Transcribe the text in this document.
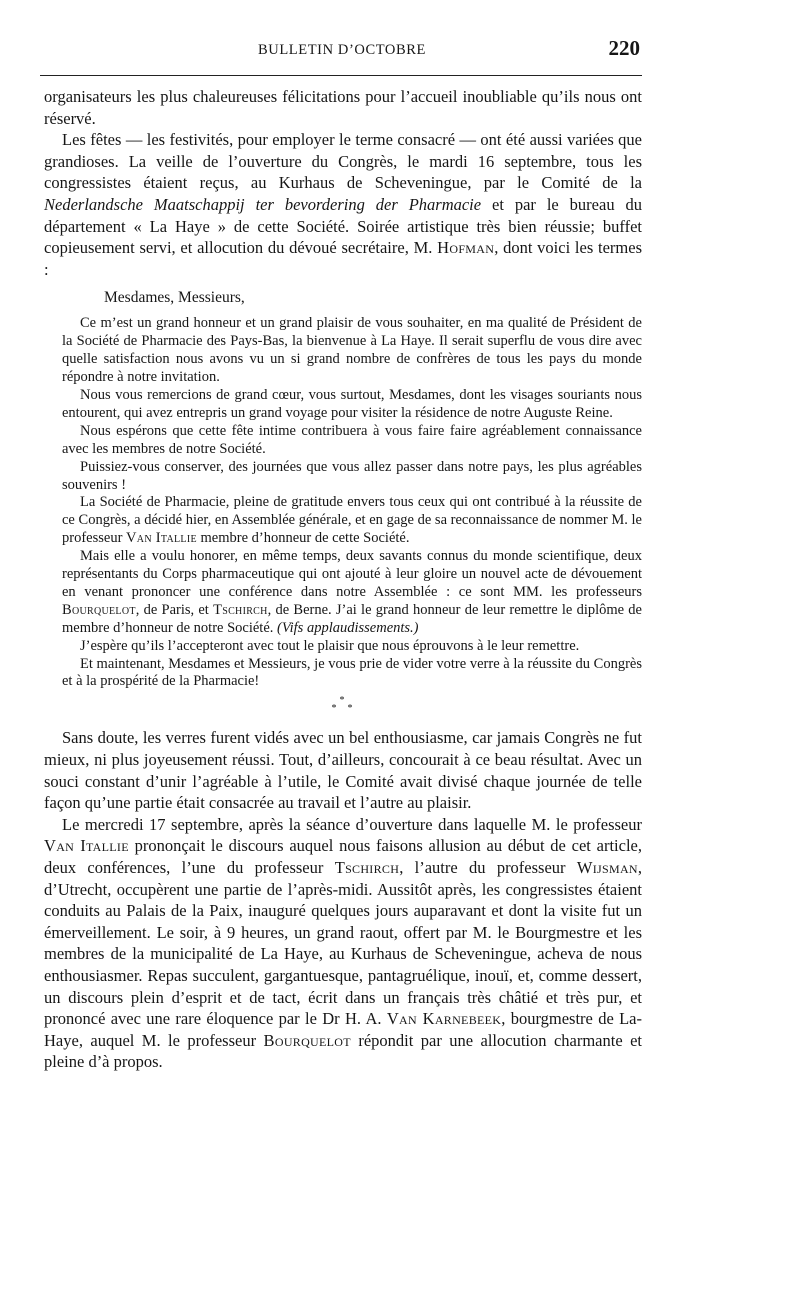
BULLETIN D’OCTOBRE	220

organisateurs les plus chaleureuses félicitations pour l’accueil inoubliable qu’ils nous ont réservé.

Les fêtes — les festivités, pour employer le terme consacré — ont été aussi variées que grandioses. La veille de l’ouverture du Congrès, le mardi 16 septembre, tous les congressistes étaient reçus, au Kurhaus de Scheveningue, par le Comité de la Nederlandsche Maatschappij ter bevordering der Pharmacie et par le bureau du département « La Haye » de cette Société. Soirée artistique très bien réussie; buffet copieusement servi, et allocution du dévoué secrétaire, M. Hofman, dont voici les termes :

Mesdames, Messieurs,

Ce m’est un grand honneur et un grand plaisir de vous souhaiter, en ma qualité de Président de la Société de Pharmacie des Pays-Bas, la bienvenue à La Haye. Il serait superflu de vous dire avec quelle satisfaction nous avons vu un si grand nombre de confrères de tous les pays du monde répondre à notre invitation.

Nous vous remercions de grand cœur, vous surtout, Mesdames, dont les visages souriants nous entourent, qui avez entrepris un grand voyage pour visiter la résidence de notre Auguste Reine.

Nous espérons que cette fête intime contribuera à vous faire faire agréablement connaissance avec les membres de notre Société.

Puissiez-vous conserver, des journées que vous allez passer dans notre pays, les plus agréables souvenirs !

La Société de Pharmacie, pleine de gratitude envers tous ceux qui ont contribué à la réussite de ce Congrès, a décidé hier, en Assemblée générale, et en gage de sa reconnaissance de nommer M. le professeur Van Itallie membre d’honneur de cette Société.

Mais elle a voulu honorer, en même temps, deux savants connus du monde scientifique, deux représentants du Corps pharmaceutique qui ont ajouté à leur gloire un nouvel acte de dévouement en venant prononcer une conférence dans notre Assemblée : ce sont MM. les professeurs Bourquelot, de Paris, et Tschirch, de Berne. J’ai le grand honneur de leur remettre le diplôme de membre d’honneur de notre Société. (Vifs applaudissements.)

J’espère qu’ils l’accepteront avec tout le plaisir que nous éprouvons à le leur remettre.

Et maintenant, Mesdames et Messieurs, je vous prie de vider votre verre à la réussite du Congrès et à la prospérité de la Pharmacie!

*
*  *

Sans doute, les verres furent vidés avec un bel enthousiasme, car jamais Congrès ne fut mieux, ni plus joyeusement réussi. Tout, d’ailleurs, concourait à ce beau résultat. Avec un souci constant d’unir l’agréable à l’utile, le Comité avait divisé chaque journée de telle façon qu’une partie était consacrée au travail et l’autre au plaisir.

Le mercredi 17 septembre, après la séance d’ouverture dans laquelle M. le professeur Van Itallie prononçait le discours auquel nous faisons allusion au début de cet article, deux conférences, l’une du professeur Tschirch, l’autre du professeur Wijsman, d’Utrecht, occupèrent une partie de l’après-midi. Aussitôt après, les congressistes étaient conduits au Palais de la Paix, inauguré quelques jours auparavant et dont la visite fut un émerveillement. Le soir, à 9 heures, un grand raout, offert par M. le Bourgmestre et les membres de la municipalité de La Haye, au Kurhaus de Scheveningue, acheva de nous enthousiasmer. Repas succulent, gargantuesque, pantagruélique, inouï, et, comme dessert, un discours plein d’esprit et de tact, écrit dans un français très châtié et très pur, et prononcé avec une rare éloquence par le Dr H. A. Van Karnebeek, bourgmestre de La-Haye, auquel M. le professeur Bourquelot répondit par une allocution charmante et pleine d’à propos.
